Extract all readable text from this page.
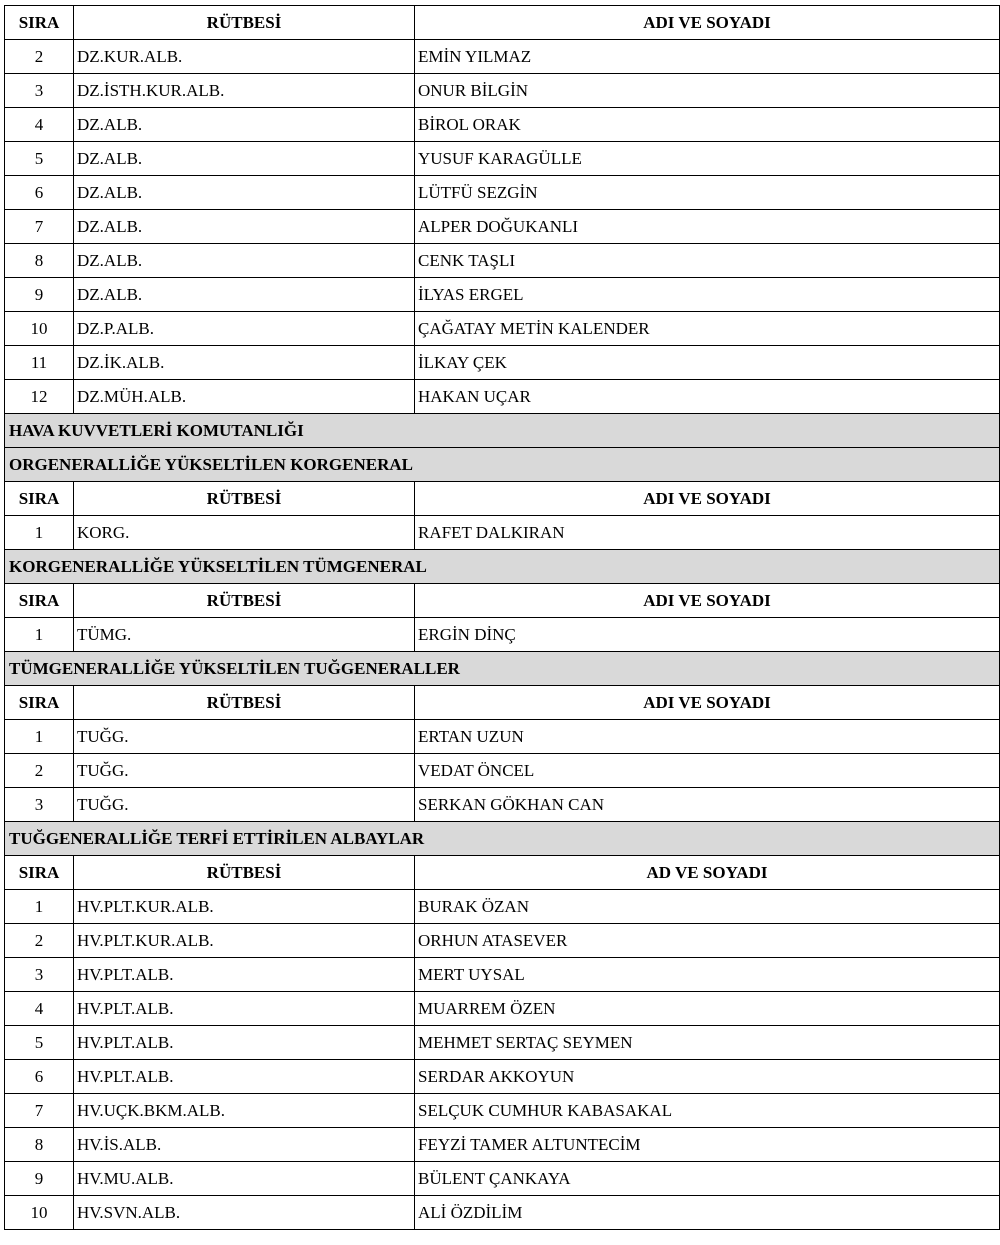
SIRA	RÜTBESİ	ADI VE SOYADI
2	DZ.KUR.ALB.	EMİN YILMAZ
3	DZ.İSTH.KUR.ALB.	ONUR BİLGİN
4	DZ.ALB.	BİROL ORAK
5	DZ.ALB.	YUSUF KARAGÜLLE
6	DZ.ALB.	LÜTFÜ SEZGİN
7	DZ.ALB.	ALPER DOĞUKANLI
8	DZ.ALB.	CENK TAŞLI
9	DZ.ALB.	İLYAS ERGEL
10	DZ.P.ALB.	ÇAĞATAY METİN KALENDER
11	DZ.İK.ALB.	İLKAY ÇEK
12	DZ.MÜH.ALB.	HAKAN UÇAR
HAVA KUVVETLERİ KOMUTANLIĞI		
ORGENERALLİĞE YÜKSELTİLEN KORGENERAL		
SIRA	RÜTBESİ	ADI VE SOYADI
1	KORG.	RAFET DALKIRAN
KORGENERALLİĞE YÜKSELTİLEN TÜMGENERAL		
SIRA	RÜTBESİ	ADI VE SOYADI
1	TÜMG.	ERGİN DİNÇ
TÜMGENERALLİĞE YÜKSELTİLEN TUĞGENERALLER		
SIRA	RÜTBESİ	ADI VE SOYADI
1	TUĞG.	ERTAN UZUN
2	TUĞG.	VEDAT ÖNCEL
3	TUĞG.	SERKAN GÖKHAN CAN
TUĞGENERALLİĞE TERFİ ETTİRİLEN ALBAYLAR		
SIRA	RÜTBESİ	AD VE SOYADI
1	HV.PLT.KUR.ALB.	BURAK ÖZAN
2	HV.PLT.KUR.ALB.	ORHUN ATASEVER
3	HV.PLT.ALB.	MERT UYSAL
4	HV.PLT.ALB.	MUARREM ÖZEN
5	HV.PLT.ALB.	MEHMET SERTAÇ SEYMEN
6	HV.PLT.ALB.	SERDAR AKKOYUN
7	HV.UÇK.BKM.ALB.	SELÇUK CUMHUR KABASAKAL
8	HV.İS.ALB.	FEYZİ TAMER ALTUNTECİM
9	HV.MU.ALB.	BÜLENT ÇANKAYA
10	HV.SVN.ALB.	ALİ ÖZDİLİM
